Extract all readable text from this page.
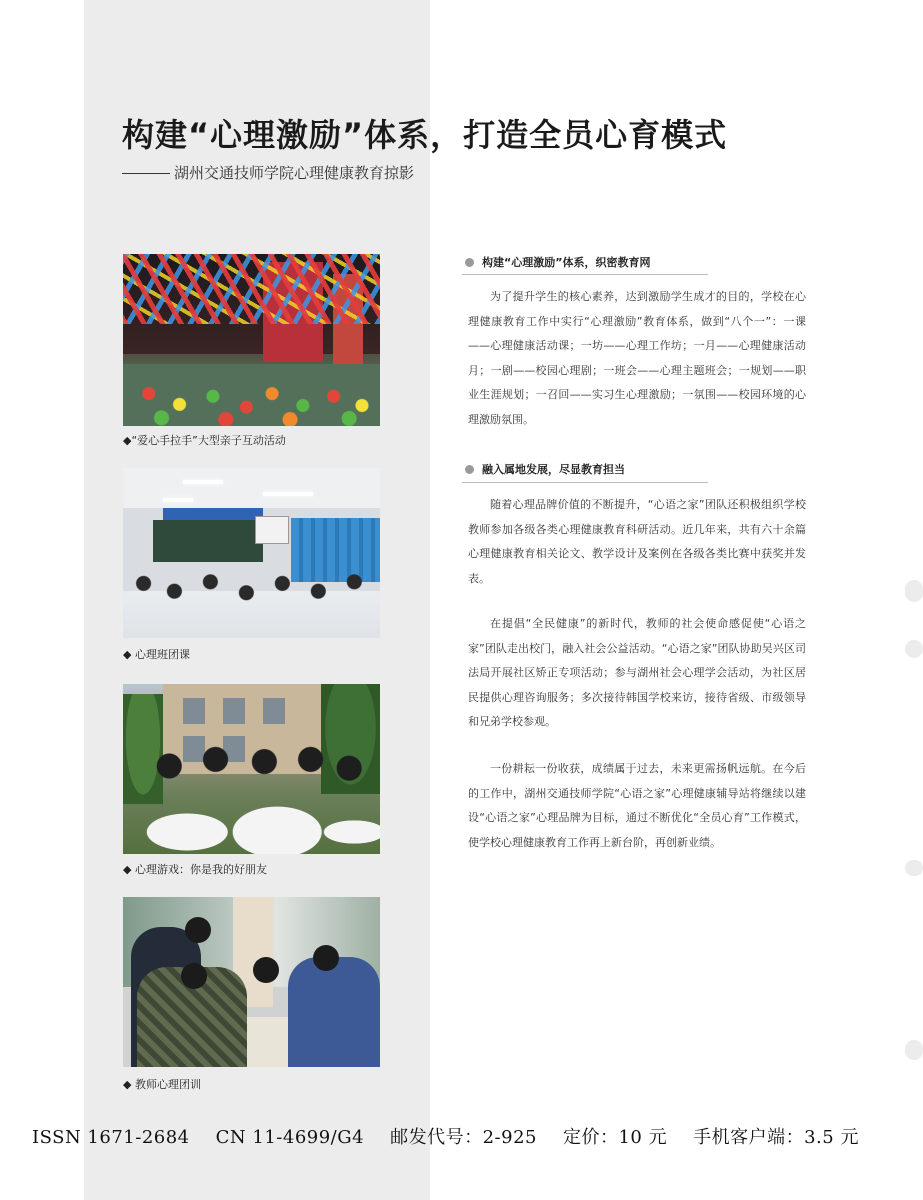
构建“心理激励”体系，打造全员心育模式
湖州交通技师学院心理健康教育掠影
◆“爱心手拉手”大型亲子互动活动
◆ 心理班团课
◆ 心理游戏：你是我的好朋友
◆ 教师心理团训
构建“心理激励”体系，织密教育网

为了提升学生的核心素养，达到激励学生成才的目的，学校在心理健康教育工作中实行“心理激励”教育体系，做到“八个一”：一课——心理健康活动课；一坊——心理工作坊；一月——心理健康活动月；一剧——校园心理剧；一班会——心理主题班会；一规划——职业生涯规划；一召回——实习生心理激励；一氛围——校园环境的心理激励氛围。

融入属地发展，尽显教育担当

随着心理品牌价值的不断提升，“心语之家”团队还积极组织学校教师参加各级各类心理健康教育科研活动。近几年来，共有六十余篇心理健康教育相关论文、教学设计及案例在各级各类比赛中获奖并发表。

在提倡“全民健康”的新时代，教师的社会使命感促使“心语之家”团队走出校门，融入社会公益活动。“心语之家”团队协助吴兴区司法局开展社区矫正专项活动；参与湖州社会心理学会活动，为社区居民提供心理咨询服务；多次接待韩国学校来访，接待省级、市级领导和兄弟学校参观。

一份耕耘一份收获，成绩属于过去，未来更需扬帆远航。在今后的工作中，湖州交通技师学院“心语之家”心理健康辅导站将继续以建设“心语之家”心理品牌为目标，通过不断优化“全员心育”工作模式，使学校心理健康教育工作再上新台阶，再创新业绩。

ISSN 1671-2684 CN 11-4699/G4 邮发代号：2-925 定价：10 元 手机客户端：3.5 元
